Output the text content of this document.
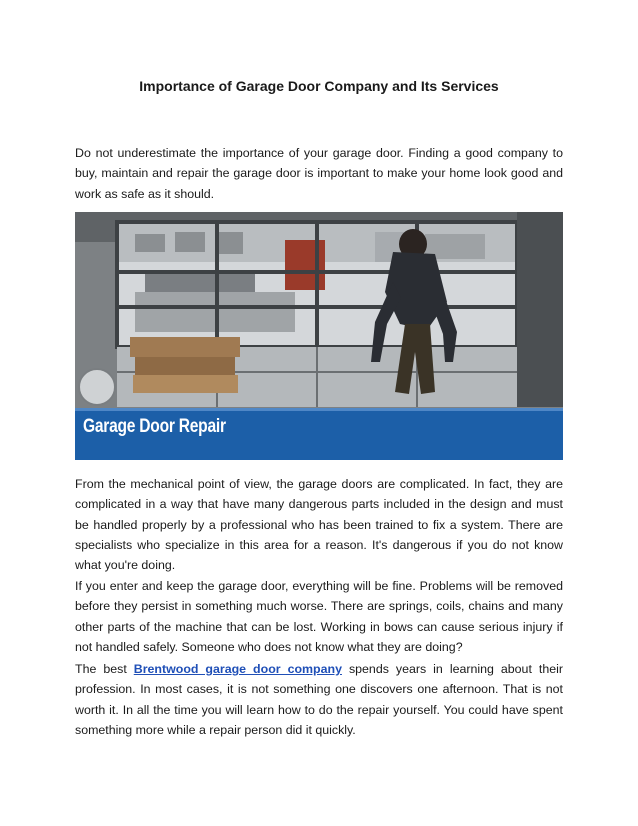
Importance of Garage Door Company and Its Services

Do not underestimate the importance of your garage door. Finding a good company to buy, maintain and repair the garage door is important to make your home look good and work as safe as it should.

Garage Door Repair

From the mechanical point of view, the garage doors are complicated. In fact, they are complicated in a way that have many dangerous parts included in the design and must be handled properly by a professional who has been trained to fix a system. There are specialists who specialize in this area for a reason. It's dangerous if you do not know what you're doing.

If you enter and keep the garage door, everything will be fine. Problems will be removed before they persist in something much worse. There are springs, coils, chains and many other parts of the machine that can be lost. Working in bows can cause serious injury if not handled safely. Someone who does not know what they are doing?

The best Brentwood garage door company spends years in learning about their profession. In most cases, it is not something one discovers one afternoon. That is not worth it. In all the time you will learn how to do the repair yourself. You could have spent something more while a repair person did it quickly.
